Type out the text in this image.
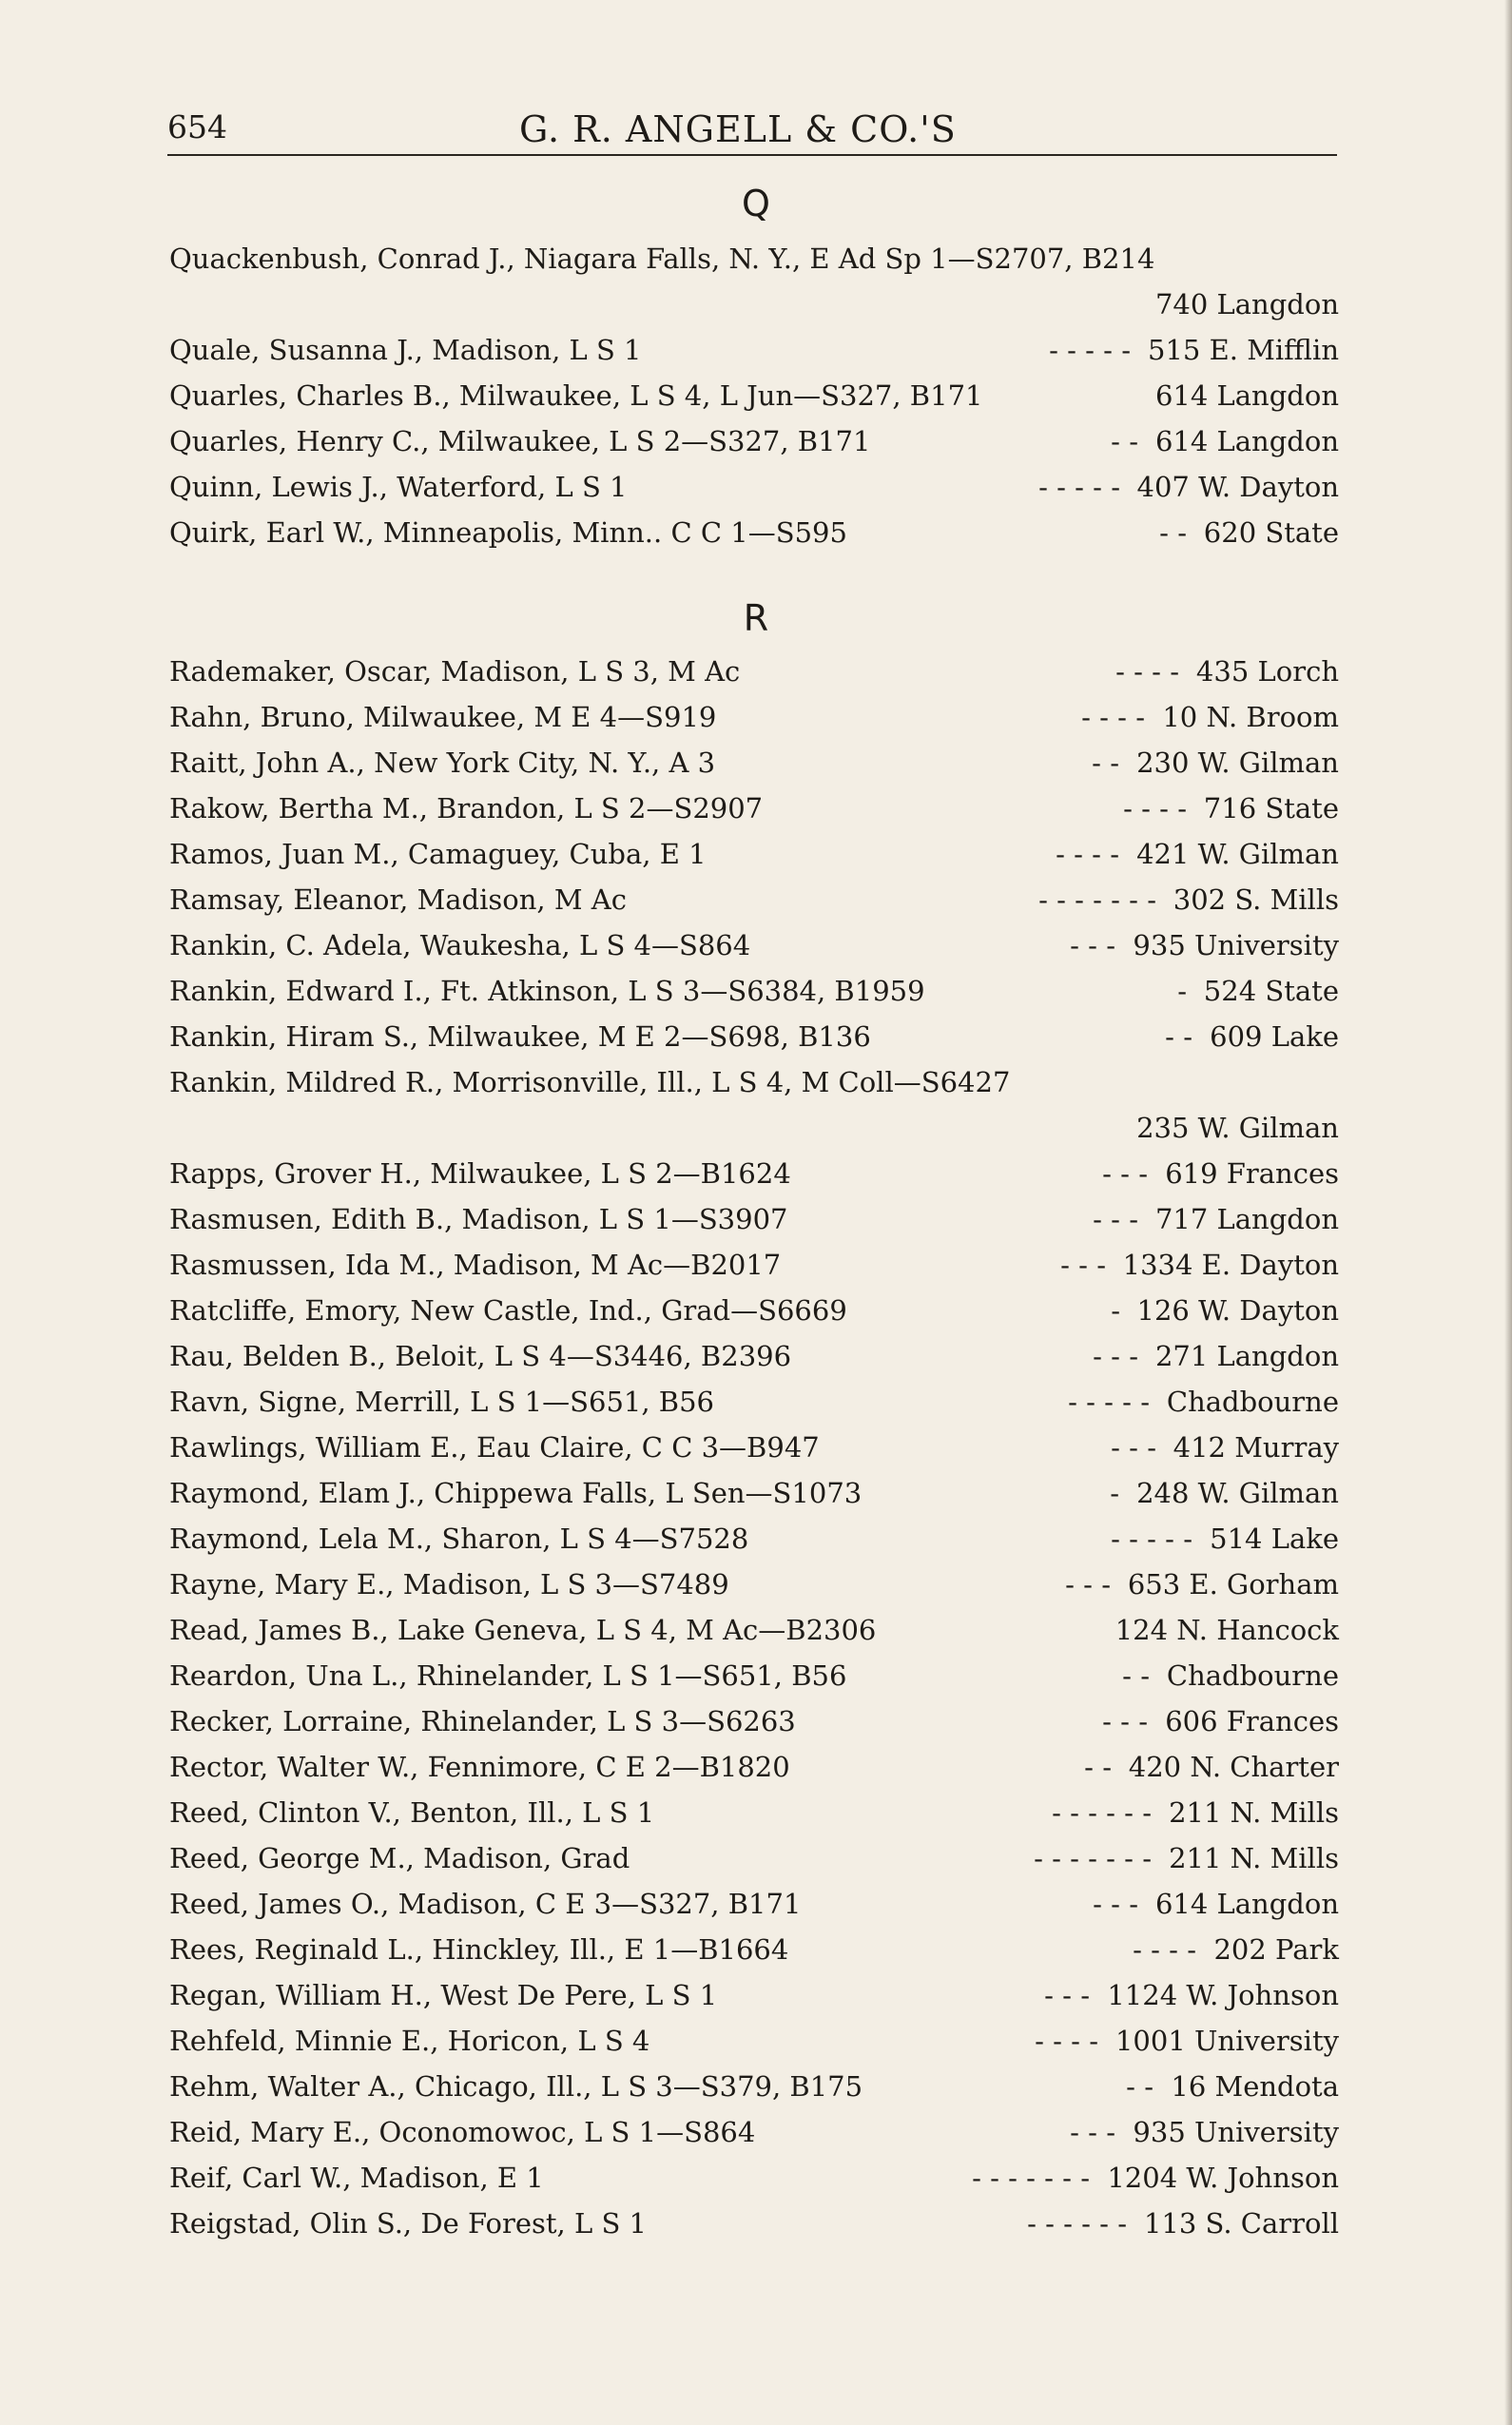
654	G. R. ANGELL & CO.'S
Q
R
Quackenbush, Conrad J., Niagara Falls, N. Y., E Ad Sp 1—S2707, B214
740 Langdon
Quale, Susanna J., Madison, L S 1	- - - - - 515 E. Mifflin
Quarles, Charles B., Milwaukee, L S 4, L Jun—S327, B171	614 Langdon
Quarles, Henry C., Milwaukee, L S 2—S327, B171	- - 614 Langdon
Quinn, Lewis J., Waterford, L S 1	- - - - - 407 W. Dayton
Quirk, Earl W., Minneapolis, Minn.. C C 1—S595	- - 620 State
Rademaker, Oscar, Madison, L S 3, M Ac	- - - - 435 Lorch
Rahn, Bruno, Milwaukee, M E 4—S919	- - - - 10 N. Broom
Raitt, John A., New York City, N. Y., A 3	- - 230 W. Gilman
Rakow, Bertha M., Brandon, L S 2—S2907	- - - - 716 State
Ramos, Juan M., Camaguey, Cuba, E 1	- - - - 421 W. Gilman
Ramsay, Eleanor, Madison, M Ac	- - - - - - - 302 S. Mills
Rankin, C. Adela, Waukesha, L S 4—S864	- - - 935 University
Rankin, Edward I., Ft. Atkinson, L S 3—S6384, B1959	- 524 State
Rankin, Hiram S., Milwaukee, M E 2—S698, B136	- - 609 Lake
Rankin, Mildred R., Morrisonville, Ill., L S 4, M Coll—S6427
235 W. Gilman
Rapps, Grover H., Milwaukee, L S 2—B1624	- - - 619 Frances
Rasmusen, Edith B., Madison, L S 1—S3907	- - - 717 Langdon
Rasmussen, Ida M., Madison, M Ac—B2017	- - - 1334 E. Dayton
Ratcliffe, Emory, New Castle, Ind., Grad—S6669	- 126 W. Dayton
Rau, Belden B., Beloit, L S 4—S3446, B2396	- - - 271 Langdon
Ravn, Signe, Merrill, L S 1—S651, B56	- - - - - Chadbourne
Rawlings, William E., Eau Claire, C C 3—B947	- - - 412 Murray
Raymond, Elam J., Chippewa Falls, L Sen—S1073	- 248 W. Gilman
Raymond, Lela M., Sharon, L S 4—S7528	- - - - - 514 Lake
Rayne, Mary E., Madison, L S 3—S7489	- - - 653 E. Gorham
Read, James B., Lake Geneva, L S 4, M Ac—B2306	124 N. Hancock
Reardon, Una L., Rhinelander, L S 1—S651, B56	- - Chadbourne
Recker, Lorraine, Rhinelander, L S 3—S6263	- - - 606 Frances
Rector, Walter W., Fennimore, C E 2—B1820	- - 420 N. Charter
Reed, Clinton V., Benton, Ill., L S 1	- - - - - - 211 N. Mills
Reed, George M., Madison, Grad	- - - - - - - 211 N. Mills
Reed, James O., Madison, C E 3—S327, B171	- - - 614 Langdon
Rees, Reginald L., Hinckley, Ill., E 1—B1664	- - - - 202 Park
Regan, William H., West De Pere, L S 1	- - - 1124 W. Johnson
Rehfeld, Minnie E., Horicon, L S 4	- - - - 1001 University
Rehm, Walter A., Chicago, Ill., L S 3—S379, B175	- - 16 Mendota
Reid, Mary E., Oconomowoc, L S 1—S864	- - - 935 University
Reif, Carl W., Madison, E 1	- - - - - - - 1204 W. Johnson
Reigstad, Olin S., De Forest, L S 1	- - - - - - 113 S. Carroll
